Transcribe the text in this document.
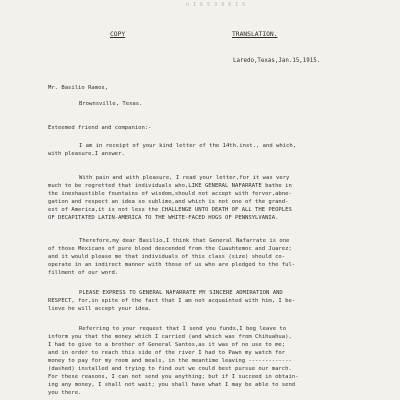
n 1 6 5 3 9 6 1 5
COPY	TRANSLATION.
Laredo,Texas,Jan.15,1915.
Mr. Basilio Ramos,
Brownsville, Texas.
Esteemed friend and companion:-
I am in receipt of your kind letter of the 14th.inst., and which,
with pleasure,I answer.
With pain and with pleasure, I read your letter,for it was very
much to be regretted that individuals who,LIKE GENERAL NAFARRATE bathe in
the inexhaustible fountains of wisdom,should not accept with fervor,abne-
gation and respect an idea so sublime,and which is not one of the grand-
est of America,it is not less the CHALLENGE UNTO DEATH OF ALL THE PEOPLES
OF DECAPITATED LATIN-AMERICA TO THE WHITE-FACED HOGS OF PENNSYLVANIA.
Therefore,my dear Basilio,I think that General Nafarrate is one
of those Mexicans of pure blood descended from the Cuauhtemoc and Juarez;
and it would please me that individuals of this class (size) should co-
operate in an indirect manner with those of us who are pledged to the ful-
fillment of our word.
PLEASE EXPRESS TO GENERAL NAFARRATE MY SINCERE ADMIRATION AND
RESPECT, for,in spite of the fact that I am not acquainted with him, I be-
lieve he will accept your idea.
Referring to your request that I send you funds,I beg leave to
inform you that the money which I carried (and which was from Chihuahua),
I had to give to a brother of General Santos,as it was of no use to me;
and in order to reach this side of the river I had to Pawn my watch for
money to pay for my room and meals, in the meantime leaving -------------
(dashed) installed and trying to find out we could best pursue our march.
For these reasons, I can not send you anything; but if I succeed in obtain-
ing any money, I shall not wait; you shall have what I may be able to send
you there.
